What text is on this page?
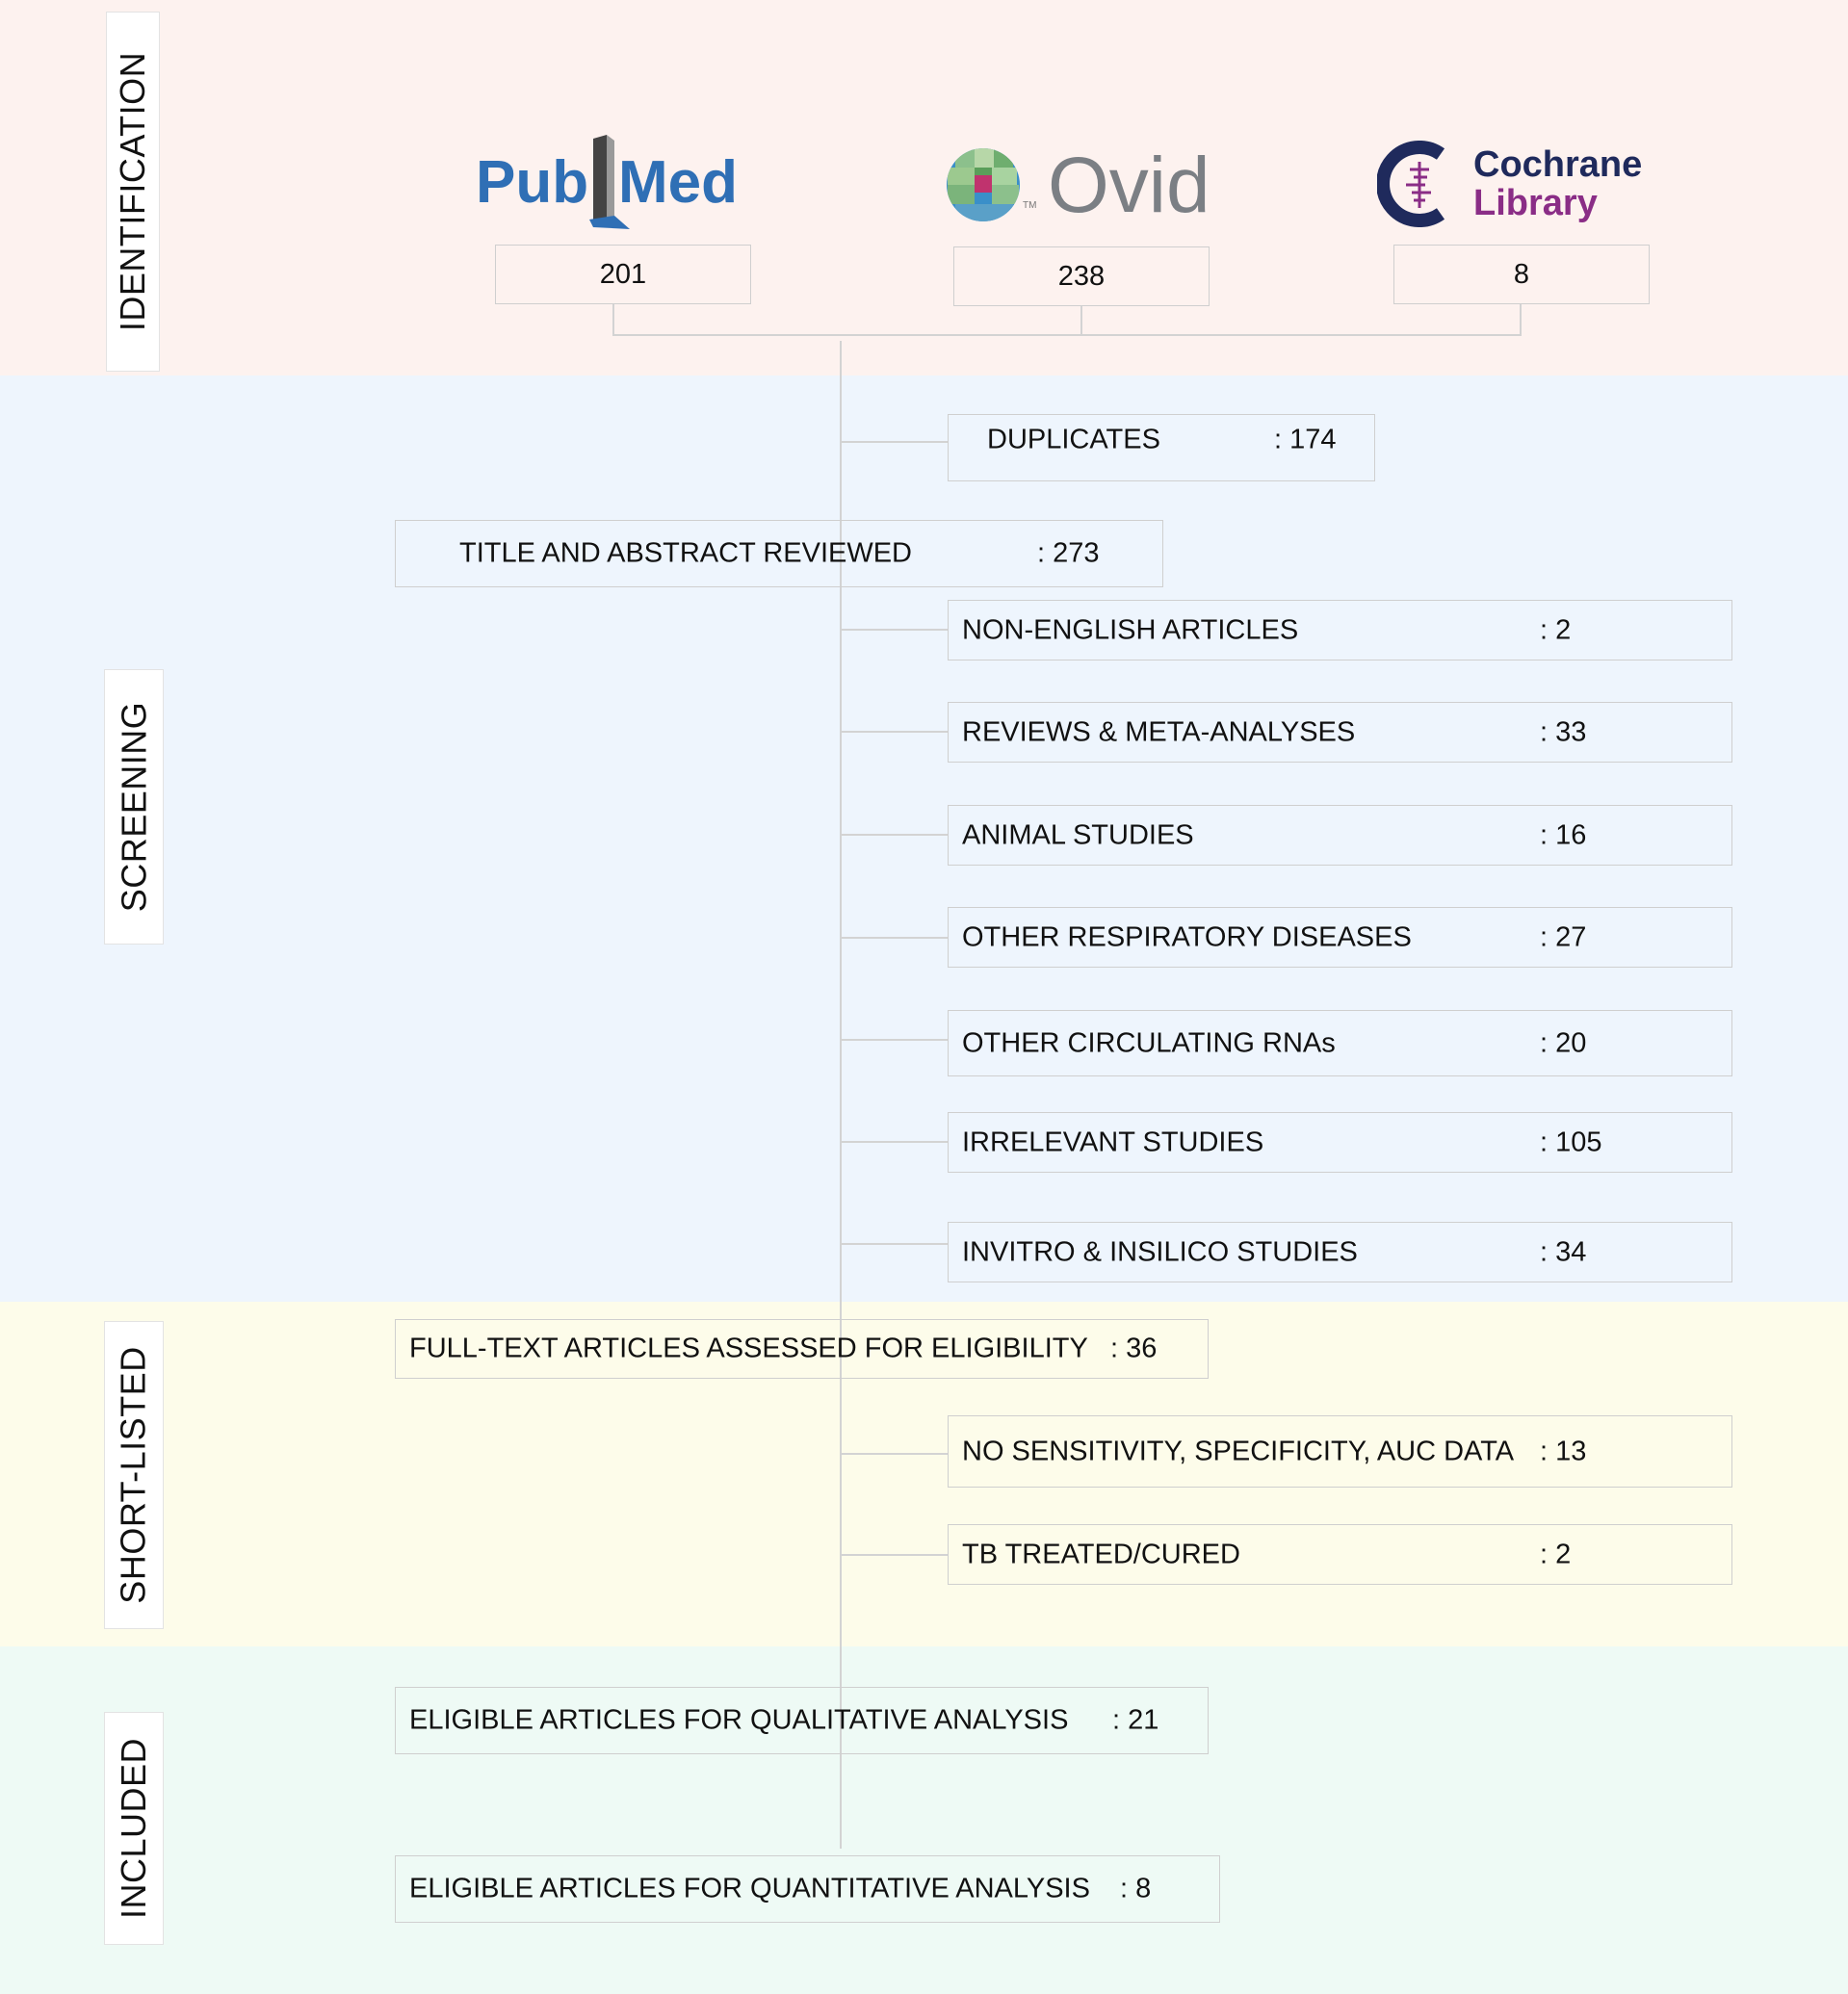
IDENTIFICATION
SCREENING
SHORT-LISTED
INCLUDED
Pub Med
201
TM Ovid
238
Cochrane
Library
8
DUPLICATES	: 174
TITLE AND ABSTRACT REVIEWED	: 273
NON-ENGLISH ARTICLES	: 2
REVIEWS & META-ANALYSES	: 33
ANIMAL STUDIES	: 16
OTHER RESPIRATORY DISEASES	: 27
OTHER CIRCULATING RNAs	: 20
IRRELEVANT STUDIES	: 105
INVITRO & INSILICO STUDIES	: 34
FULL-TEXT ARTICLES ASSESSED FOR ELIGIBILITY : 36
NO SENSITIVITY, SPECIFICITY, AUC DATA : 13
TB TREATED/CURED	: 2
ELIGIBLE ARTICLES FOR QUALITATIVE ANALYSIS : 21
ELIGIBLE ARTICLES FOR QUANTITATIVE ANALYSIS : 8
